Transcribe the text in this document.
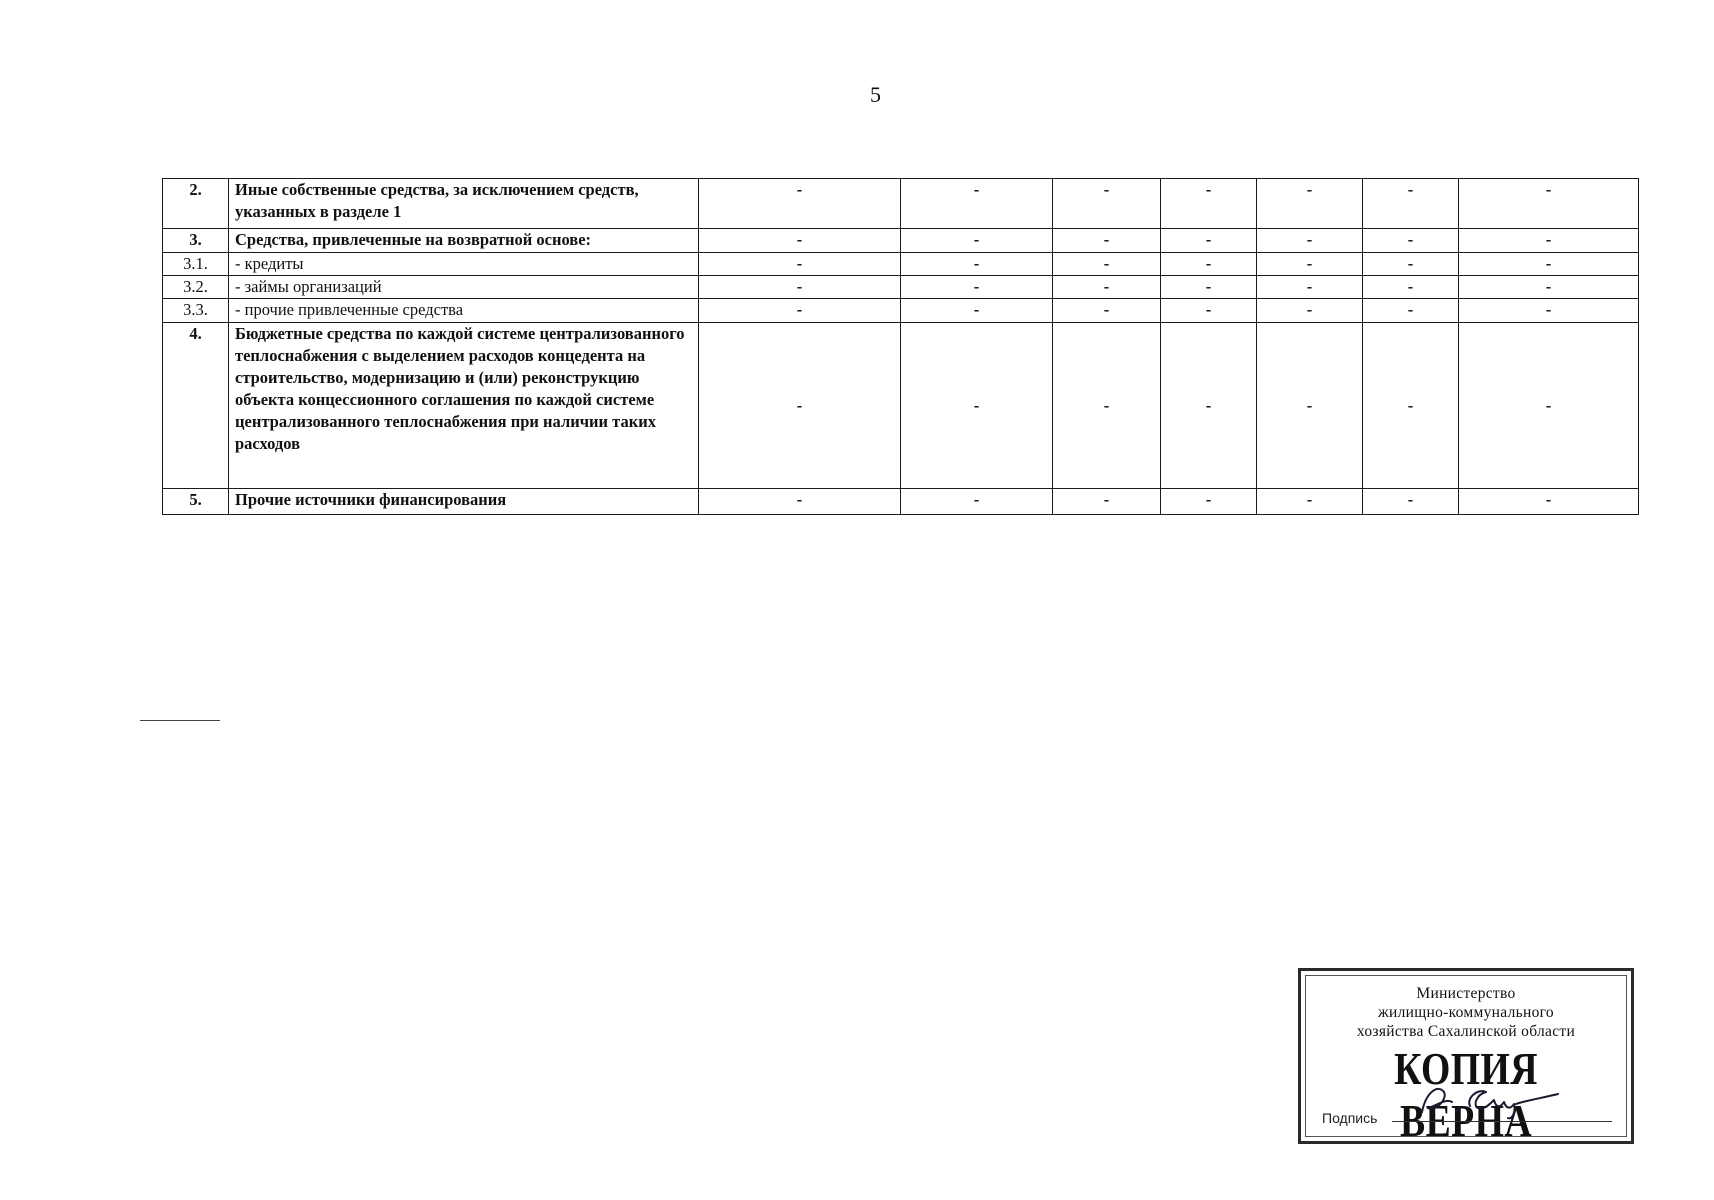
5
2.	Иные собственные средства, за исключением средств, указанных в разделе 1	-	-	-	-	-	-	-
3.	Средства, привлеченные на возвратной основе:	-	-	-	-	-	-	-
3.1.	- кредиты	-	-	-	-	-	-	-
3.2.	- займы организаций	-	-	-	-	-	-	-
3.3.	- прочие привлеченные средства	-	-	-	-	-	-	-
4.	Бюджетные средства по каждой системе централизованного теплоснабжения с выделением расходов концедента на строительство, модернизацию и (или) реконструкцию объекта концессионного соглашения по каждой системе централизованного теплоснабжения при наличии таких расходов	-	-	-	-	-	-	-
5.	Прочие источники финансирования	-	-	-	-	-	-	-
Министерство
жилищно-коммунального
хозяйства Сахалинской области
КОПИЯ ВЕРНА
Подпись
